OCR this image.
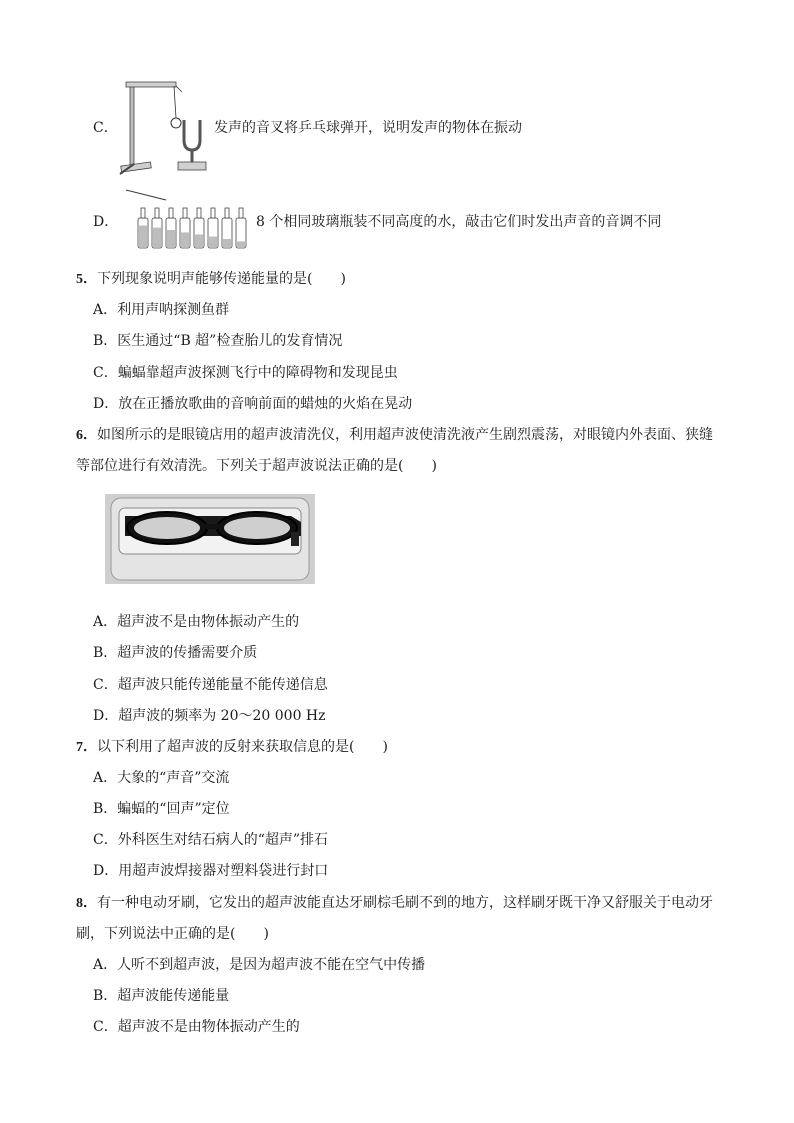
C．	发声的音叉将乒乓球弹开，说明发声的物体在振动
D．	8 个相同玻璃瓶装不同高度的水，敲击它们时发出声音的音调不同
5．下列现象说明声能够传递能量的是(　　)
A．利用声呐探测鱼群
B．医生通过“B 超”检查胎儿的发育情况
C．蝙蝠靠超声波探测飞行中的障碍物和发现昆虫
D．放在正播放歌曲的音响前面的蜡烛的火焰在晃动
6．如图所示的是眼镜店用的超声波清洗仪，利用超声波使清洗液产生剧烈震荡，对眼镜内外表面、狭缝
等部位进行有效清洗。下列关于超声波说法正确的是(　　)
A．超声波不是由物体振动产生的
B．超声波的传播需要介质
C．超声波只能传递能量不能传递信息
D．超声波的频率为 20～20 000 Hz
7．以下利用了超声波的反射来获取信息的是(　　)
A．大象的“声音”交流
B．蝙蝠的“回声”定位
C．外科医生对结石病人的“超声”排石
D．用超声波焊接器对塑料袋进行封口
8．有一种电动牙刷，它发出的超声波能直达牙刷棕毛刷不到的地方，这样刷牙既干净又舒服关于电动牙
刷，下列说法中正确的是(　　)
A．人听不到超声波，是因为超声波不能在空气中传播
B．超声波能传递能量
C．超声波不是由物体振动产生的
